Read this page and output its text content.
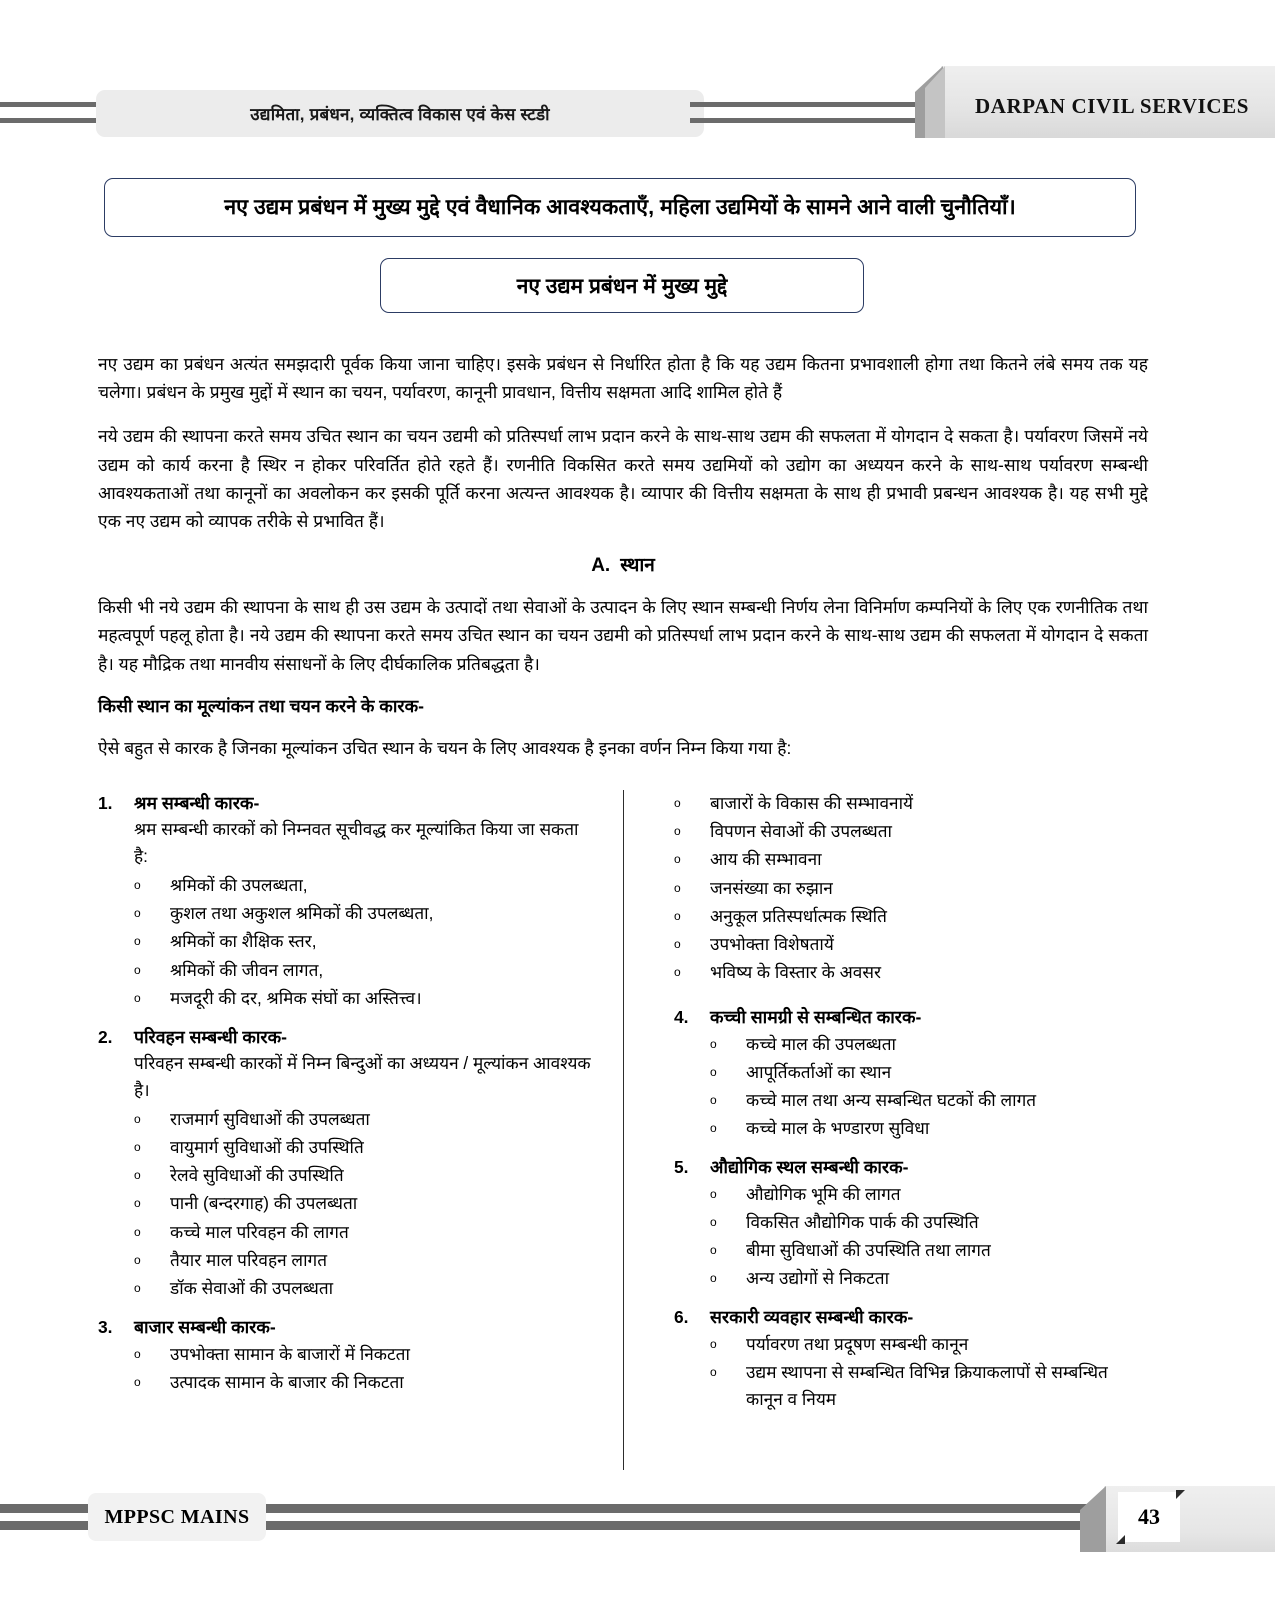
उद्यमिता, प्रबंधन, व्यक्तित्व विकास एवं केस स्टडी	DARPAN CIVIL SERVICES
नए उद्यम प्रबंधन में मुख्य मुद्दे एवं वैधानिक आवश्यकताएँ, महिला उद्यमियों के सामने आने वाली चुनौतियाँ।
नए उद्यम प्रबंधन में मुख्य मुद्दे

नए उद्यम का प्रबंधन अत्यंत समझदारी पूर्वक किया जाना चाहिए। इसके प्रबंधन से निर्धारित होता है कि यह उद्यम कितना प्रभावशाली होगा तथा कितने लंबे समय तक यह चलेगा। प्रबंधन के प्रमुख मुद्दों में स्थान का चयन, पर्यावरण, कानूनी प्रावधान, वित्तीय सक्षमता आदि शामिल होते हैं

नये उद्यम की स्थापना करते समय उचित स्थान का चयन उद्यमी को प्रतिस्पर्धा लाभ प्रदान करने के साथ-साथ उद्यम की सफलता में योगदान दे सकता है। पर्यावरण जिसमें नये उद्यम को कार्य करना है स्थिर न होकर परिवर्तित होते रहते हैं। रणनीति विकसित करते समय उद्यमियों को उद्योग का अध्ययन करने के साथ-साथ पर्यावरण सम्बन्धी आवश्यकताओं तथा कानूनों का अवलोकन कर इसकी पूर्ति करना अत्यन्त आवश्यक है। व्यापार की वित्तीय सक्षमता के साथ ही प्रभावी प्रबन्धन आवश्यक है। यह सभी मुद्दे एक नए उद्यम को व्यापक तरीके से प्रभावित हैं।

A. स्थान

किसी भी नये उद्यम की स्थापना के साथ ही उस उद्यम के उत्पादों तथा सेवाओं के उत्पादन के लिए स्थान सम्बन्धी निर्णय लेना विनिर्माण कम्पनियों के लिए एक रणनीतिक तथा महत्वपूर्ण पहलू होता है। नये उद्यम की स्थापना करते समय उचित स्थान का चयन उद्यमी को प्रतिस्पर्धा लाभ प्रदान करने के साथ-साथ उद्यम की सफलता में योगदान दे सकता है। यह मौद्रिक तथा मानवीय संसाधनों के लिए दीर्घकालिक प्रतिबद्धता है।

किसी स्थान का मूल्यांकन तथा चयन करने के कारक-

ऐसे बहुत से कारक है जिनका मूल्यांकन उचित स्थान के चयन के लिए आवश्यक है इनका वर्णन निम्न किया गया है:

1.	श्रम सम्बन्धी कारक-
श्रम सम्बन्धी कारकों को निम्नवत सूचीवद्ध कर मूल्यांकित किया जा सकता है:
o	श्रमिकों की उपलब्धता,
o	कुशल तथा अकुशल श्रमिकों की उपलब्धता,
o	श्रमिकों का शैक्षिक स्तर,
o	श्रमिकों की जीवन लागत,
o	मजदूरी की दर, श्रमिक संघों का अस्तित्त्व।
2.	परिवहन सम्बन्धी कारक-
परिवहन सम्बन्धी कारकों में निम्न बिन्दुओं का अध्ययन / मूल्यांकन आवश्यक है।
o	राजमार्ग सुविधाओं की उपलब्धता
o	वायुमार्ग सुविधाओं की उपस्थिति
o	रेलवे सुविधाओं की उपस्थिति
o	पानी (बन्दरगाह) की उपलब्धता
o	कच्चे माल परिवहन की लागत
o	तैयार माल परिवहन लागत
o	डॉक सेवाओं की उपलब्धता
3.	बाजार सम्बन्धी कारक-
o	उपभोक्ता सामान के बाजारों में निकटता
o	उत्पादक सामान के बाजार की निकटता
o	बाजारों के विकास की सम्भावनायें
o	विपणन सेवाओं की उपलब्धता
o	आय की सम्भावना
o	जनसंख्या का रुझान
o	अनुकूल प्रतिस्पर्धात्मक स्थिति
o	उपभोक्ता विशेषतायें
o	भविष्य के विस्तार के अवसर
4.	कच्ची सामग्री से सम्बन्धित कारक-
o	कच्चे माल की उपलब्धता
o	आपूर्तिकर्ताओं का स्थान
o	कच्चे माल तथा अन्य सम्बन्धित घटकों की लागत
o	कच्चे माल के भण्डारण सुविधा
5.	औद्योगिक स्थल सम्बन्धी कारक-
o	औद्योगिक भूमि की लागत
o	विकसित औद्योगिक पार्क की उपस्थिति
o	बीमा सुविधाओं की उपस्थिति तथा लागत
o	अन्य उद्योगों से निकटता
6.	सरकारी व्यवहार सम्बन्धी कारक-
o	पर्यावरण तथा प्रदूषण सम्बन्धी कानून
o	उद्यम स्थापना से सम्बन्धित विभिन्न क्रियाकलापों से सम्बन्धित कानून व नियम
MPPSC MAINS	43
